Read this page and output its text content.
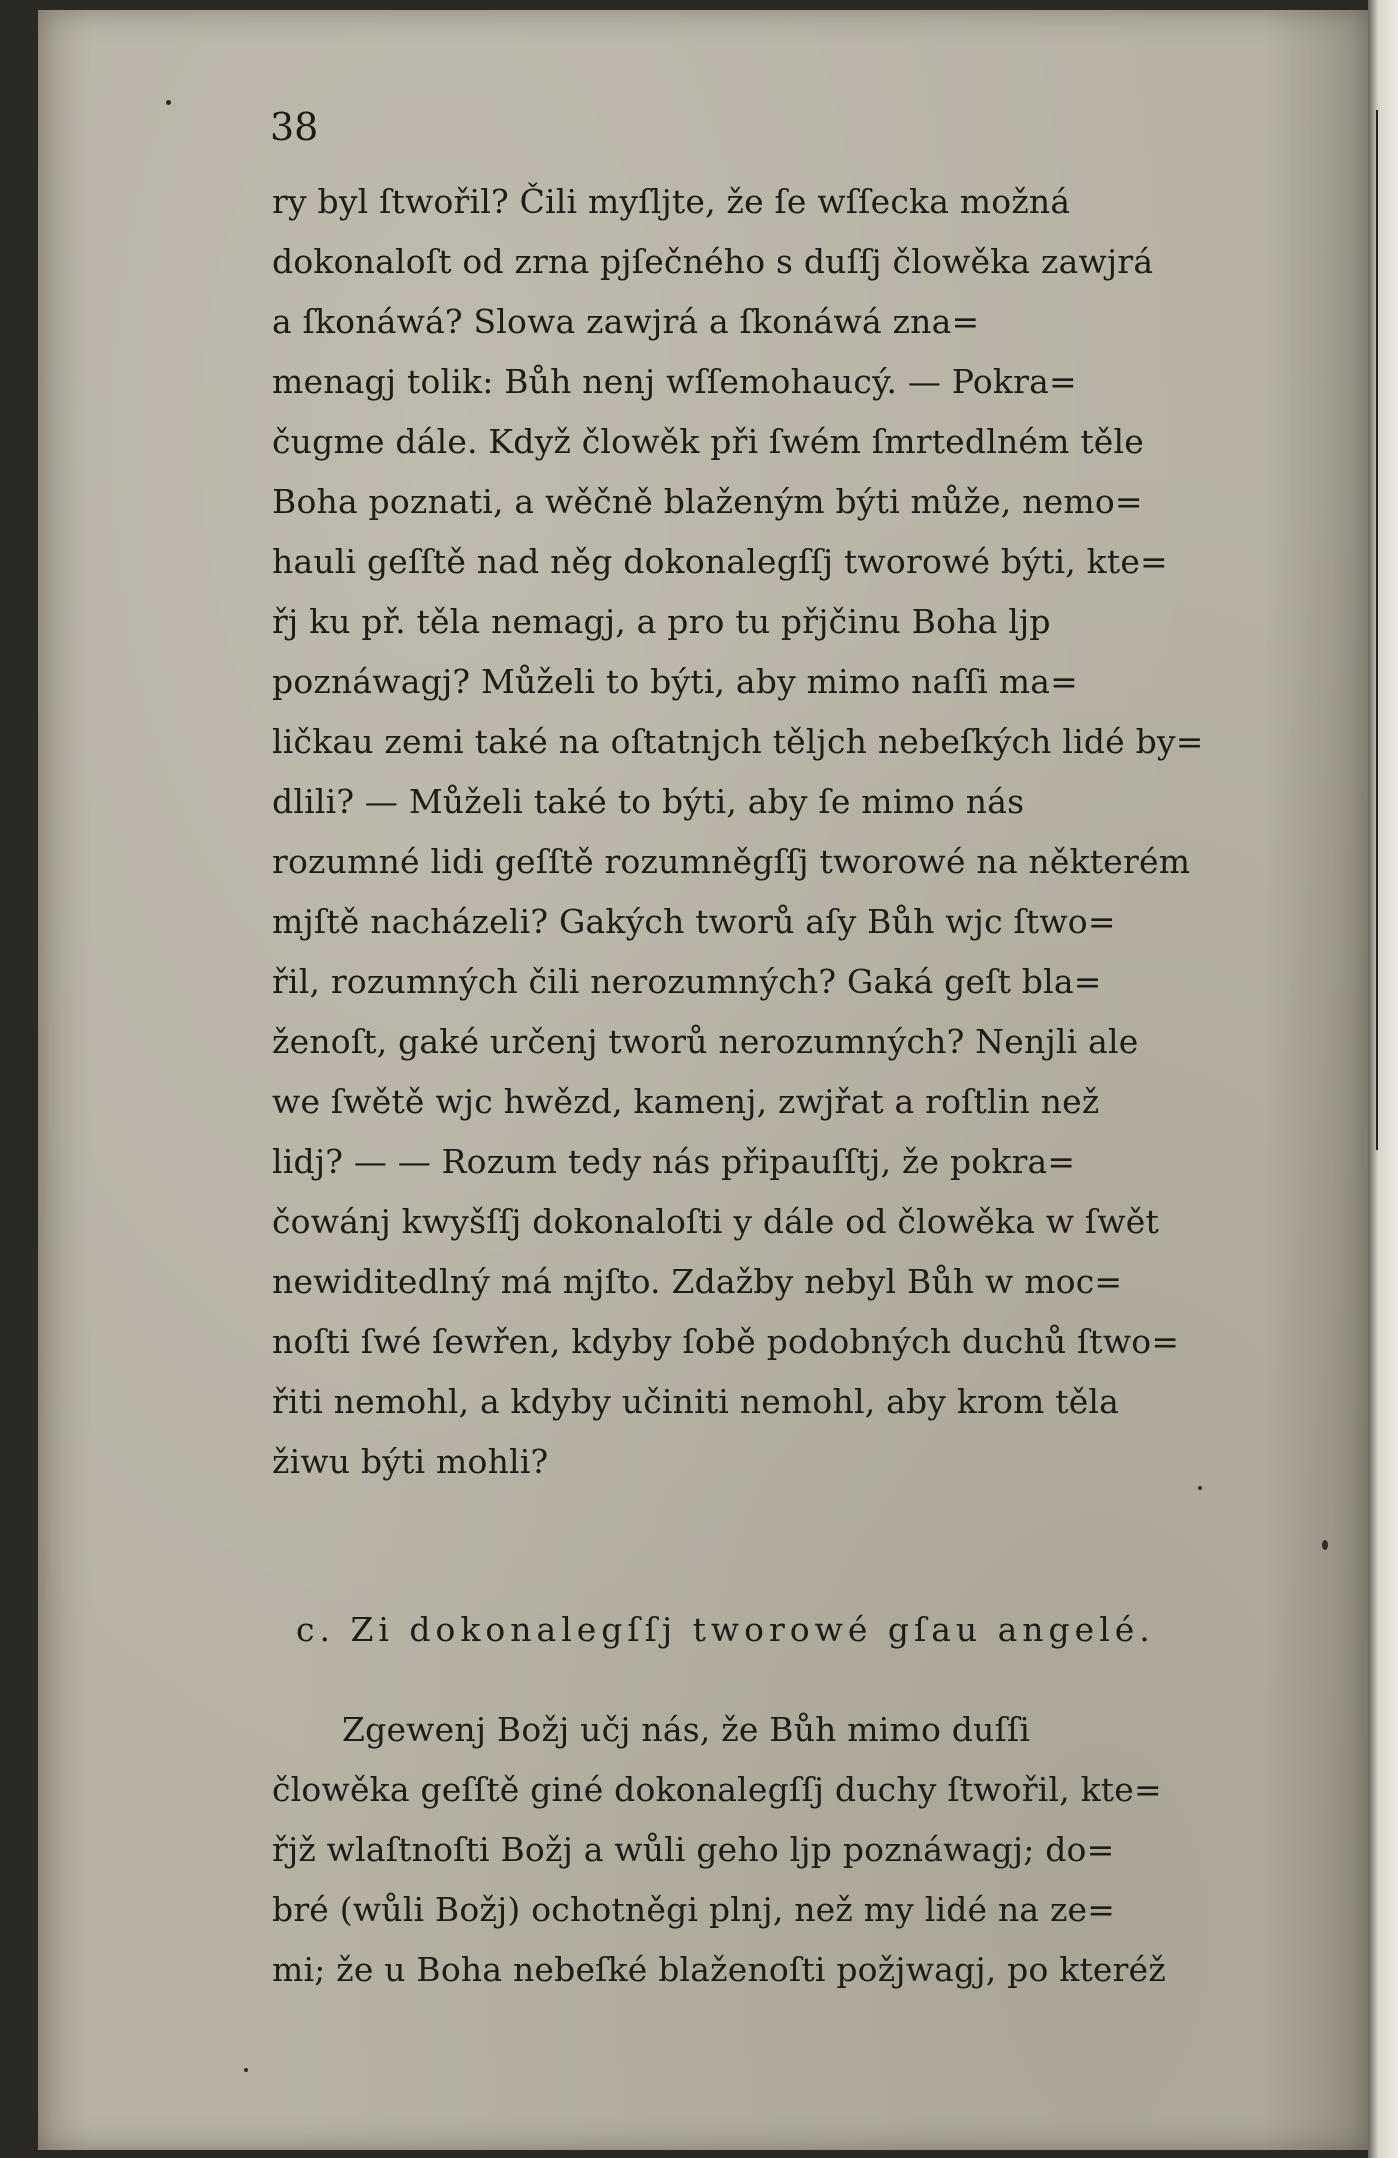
38

ry byl ſtwořil? Čili myſljte, že ſe wſſecka možná
dokonaloſt od zrna pjſečného s duſſj člowěka zawjrá
a ſkonáwá? Slowa zawjrá a ſkonáwá zna=
menagj tolik: Bůh nenj wſſemohaucý. — Pokra=
čugme dále. Když člowěk při ſwém ſmrtedlném těle
Boha poznati, a wěčně blaženým býti může, nemo=
hauli geſſtě nad něg dokonalegſſj tworowé býti, kte=
řj ku př. těla nemagj, a pro tu přjčinu Boha ljp
poznáwagj? Můželi to býti, aby mimo naſſi ma=
ličkau zemi také na oſtatnjch těljch nebeſkých lidé by=
dlili? — Můželi také to býti, aby ſe mimo nás
rozumné lidi geſſtě rozumněgſſj tworowé na některém
mjſtě nacházeli? Gakých tworů aſy Bůh wjc ſtwo=
řil, rozumných čili nerozumných? Gaká geſt bla=
ženoſt, gaké určenj tworů nerozumných? Nenjli ale
we ſwětě wjc hwězd, kamenj, zwjřat a roſtlin než
lidj? — — Rozum tedy nás připauſſtj, že pokra=
čowánj kwyšſſj dokonaloſti y dále od člowěka w ſwět
newiditedlný má mjſto. Zdažby nebyl Bůh w moc=
noſti ſwé ſewřen, kdyby ſobě podobných duchů ſtwo=
řiti nemohl, a kdyby učiniti nemohl, aby krom těla
žiwu býti mohli?
c. Zi dokonalegſſj tworowé gſau angelé.
Zgewenj Božj učj nás, že Bůh mimo duſſi
člowěka geſſtě giné dokonalegſſj duchy ſtwořil, kte=
řjž wlaſtnoſti Božj a wůli geho ljp poznáwagj; do=
bré (wůli Božj) ochotněgi plnj, než my lidé na ze=
mi; že u Boha nebeſké blaženoſti požjwagj, po kteréž
